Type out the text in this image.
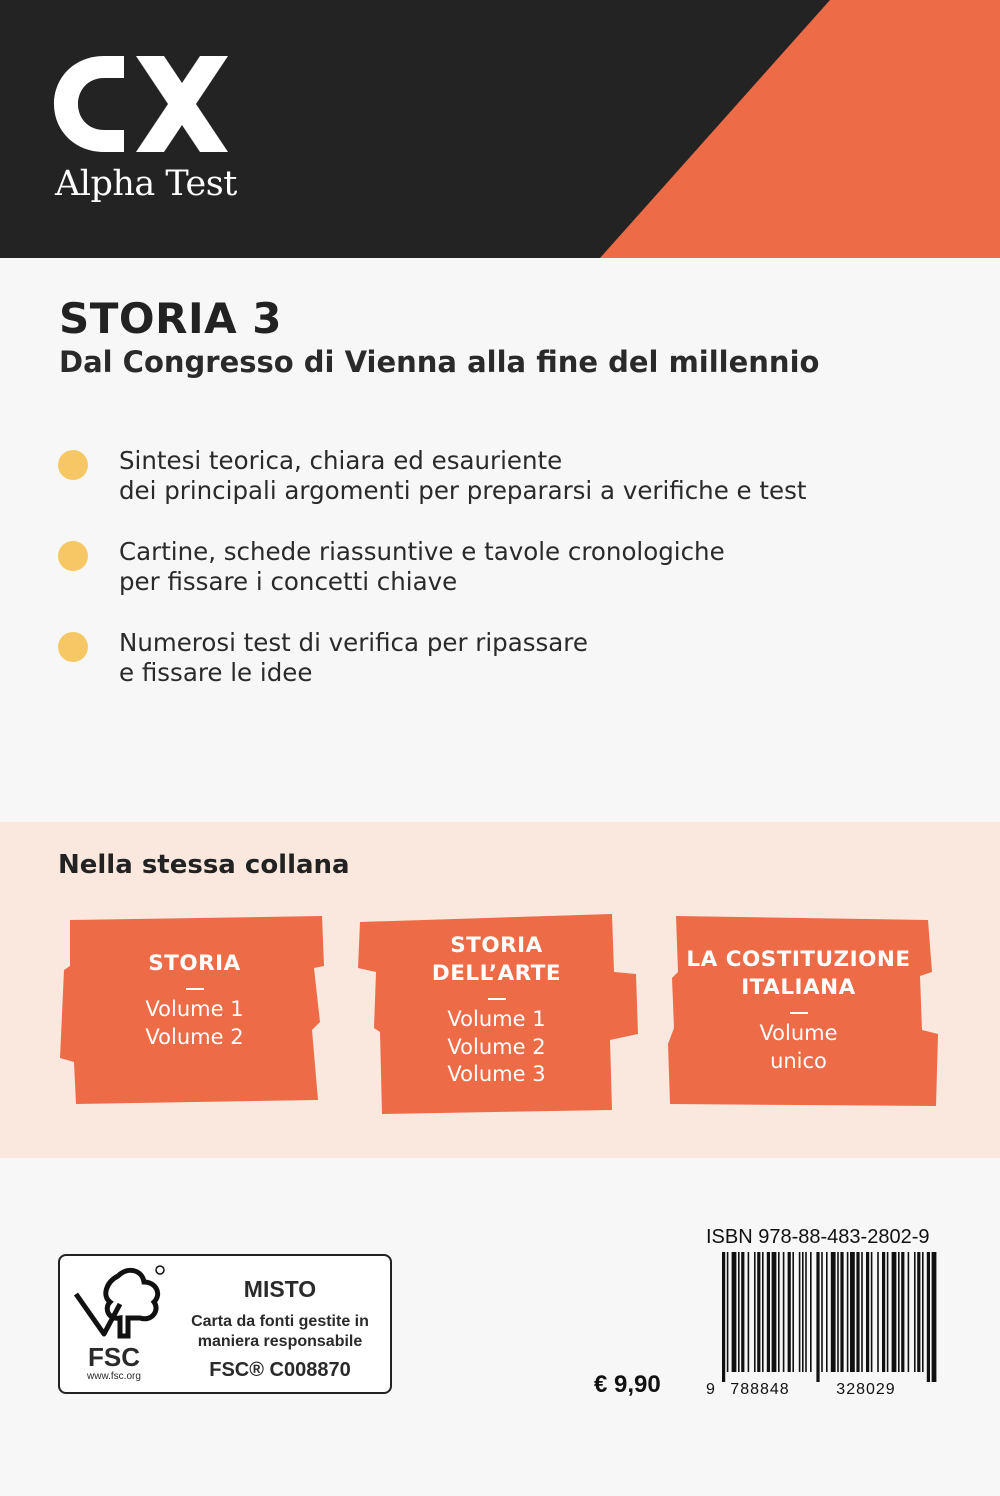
Alpha Test
STORIA 3
Dal Congresso di Vienna alla fine del millennio
Sintesi teorica, chiara ed esauriente
dei principali argomenti per prepararsi a verifiche e test
Cartine, schede riassuntive e tavole cronologiche
per fissare i concetti chiave
Numerosi test di verifica per ripassare
e fissare le idee
Nella stessa collana
STORIA
Volume 1
Volume 2
STORIA
DELL’ARTE
Volume 1
Volume 2
Volume 3
LA COSTITUZIONE
ITALIANA
Volume
unico
FSC
www.fsc.org
MISTO
Carta da fonti gestite in
maniera responsabile
FSC® C008870
ISBN 978-88-483-2802-9
9 788848	328029
€ 9,90
